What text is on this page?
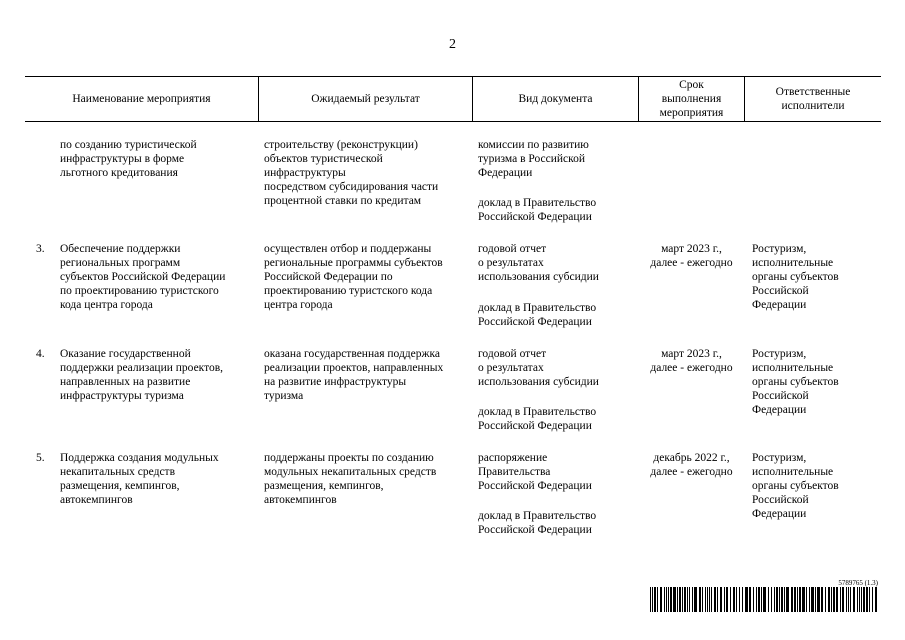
2
Наименование мероприятия	Ожидаемый результат	Вид документа
Срок
выполнения
мероприятия
Ответственные
исполнители
по созданию туристической
инфраструктуры в форме
льготного кредитования
строительству (реконструкции)
объектов туристической
инфраструктуры
посредством субсидирования части
процентной ставки по кредитам
комиссии по развитию
туризма в Российской
Федерации
доклад в Правительство
Российской Федерации
3. Обеспечение поддержки
региональных программ
субъектов Российской Федерации
по проектированию туристского
кода центра города
осуществлен отбор и поддержаны
региональные программы субъектов
Российской Федерации по
проектированию туристского кода
центра города
годовой отчет
о результатах
использования субсидии
доклад в Правительство
Российской Федерации
март 2023 г.,
далее - ежегодно
Ростуризм,
исполнительные
органы субъектов
Российской
Федерации
4. Оказание государственной
поддержки реализации проектов,
направленных на развитие
инфраструктуры туризма
оказана государственная поддержка
реализации проектов, направленных
на развитие инфраструктуры
туризма
годовой отчет
о результатах
использования субсидии
доклад в Правительство
Российской Федерации
март 2023 г.,
далее - ежегодно
Ростуризм,
исполнительные
органы субъектов
Российской
Федерации
5. Поддержка создания модульных
некапитальных средств
размещения, кемпингов,
автокемпингов
поддержаны проекты по созданию
модульных некапитальных средств
размещения, кемпингов,
автокемпингов
распоряжение
Правительства
Российской Федерации
доклад в Правительство
Российской Федерации
декабрь 2022 г.,
далее - ежегодно
Ростуризм,
исполнительные
органы субъектов
Российской
Федерации
5789765 (1.3)
